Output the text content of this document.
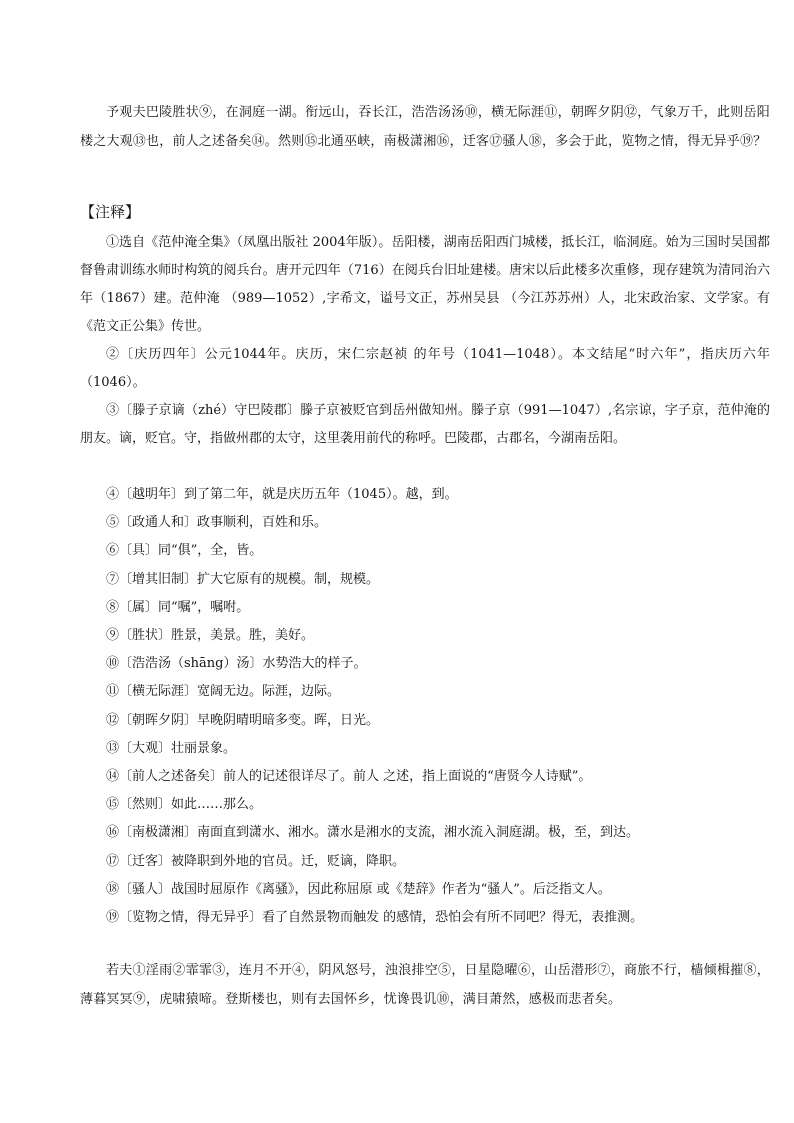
予观夫巴陵胜状⑨，在洞庭一湖。衔远山，吞长江，浩浩汤汤⑩，横无际涯⑪，朝晖夕阴⑫，气象万千，此则岳阳楼之大观⑬也，前人之述备矣⑭。然则⑮北通巫峡，南极潇湘⑯，迁客⑰骚人⑱，多会于此，览物之情，得无异乎⑲？

【注释】

①选自《范仲淹全集》（凤凰出版社 2004年版）。岳阳楼，湖南岳阳西门城楼，抵长江，临洞庭。始为三国时吴国都督鲁肃训练水师时构筑的阅兵台。唐开元四年（716）在阅兵台旧址建楼。唐宋以后此楼多次重修，现存建筑为清同治六年（1867）建。范仲淹 （989—1052）,字希文，谥号文正，苏州吴县 （今江苏苏州）人，北宋政治家、文学家。有《范文正公集》传世。

②〔庆历四年〕公元1044年。庆历，宋仁宗赵祯 的年号（1041—1048）。本文结尾“时六年”，指庆历六年（1046）。

③〔滕子京谪（zhé）守巴陵郡〕滕子京被贬官到岳州做知州。滕子京（991—1047）,名宗谅，字子京，范仲淹的朋友。谪，贬官。守，指做州郡的太守，这里袭用前代的称呼。巴陵郡，古郡名，今湖南岳阳。

④〔越明年〕到了第二年，就是庆历五年（1045）。越，到。
⑤〔政通人和〕政事顺利，百姓和乐。
⑥〔具〕同“俱”，全，皆。
⑦〔增其旧制〕扩大它原有的规模。制，规模。
⑧〔属〕同“嘱”，嘱咐。
⑨〔胜状〕胜景，美景。胜，美好。
⑩〔浩浩汤（shāng）汤〕水势浩大的样子。
⑪〔横无际涯〕宽阔无边。际涯，边际。
⑫〔朝晖夕阴〕早晚阴晴明暗多变。晖，日光。
⑬〔大观〕壮丽景象。
⑭〔前人之述备矣〕前人的记述很详尽了。前人 之述，指上面说的“唐贤今人诗赋”。
⑮〔然则〕如此……那么。
⑯〔南极潇湘〕南面直到潇水、湘水。潇水是湘水的支流，湘水流入洞庭湖。极，至，到达。
⑰〔迁客〕被降职到外地的官员。迁，贬谪，降职。
⑱〔骚人〕战国时屈原作《离骚》，因此称屈原 或《楚辞》作者为“骚人”。后泛指文人。
⑲〔览物之情，得无异乎〕看了自然景物而触发 的感情，恐怕会有所不同吧？得无，表推测。

若夫①淫雨②霏霏③，连月不开④，阴风怒号，浊浪排空⑤，日星隐曜⑥，山岳潜形⑦，商旅不行，樯倾楫摧⑧，薄暮冥冥⑨，虎啸猿啼。登斯楼也，则有去国怀乡，忧谗畏讥⑩，满目萧然，感极而悲者矣。
